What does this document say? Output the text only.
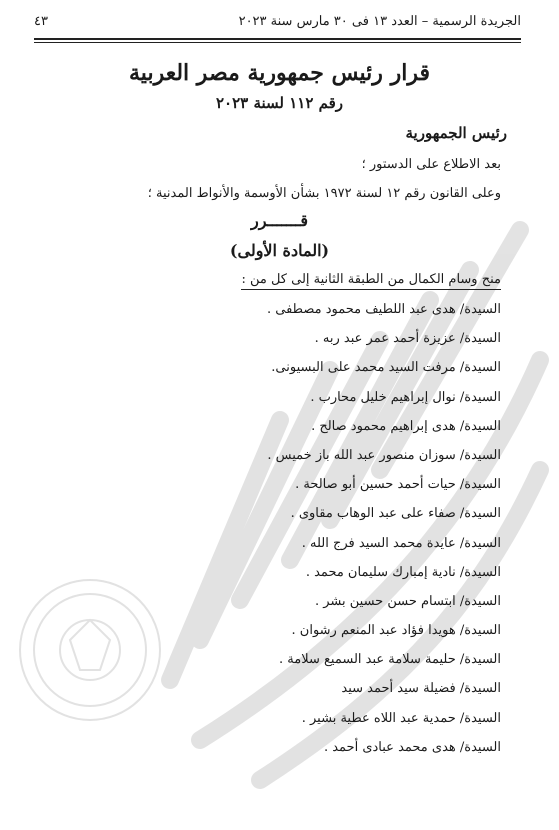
الجريدة الرسمية – العدد ١٣ فى ٣٠ مارس سنة ٢٠٢٣
٤٣
قرار رئيس جمهورية مصر العربية
رقم ١١٢ لسنة ٢٠٢٣
رئيس الجمهورية
بعد الاطلاع على الدستور ؛
وعلى القانون رقم ١٢ لسنة ١٩٧٢ بشأن الأوسمة والأنواط المدنية ؛
قـــــــرر
(المادة الأولى)
منح وسام الكمال من الطبقة الثانية إلى كل من :
السيدة/ هدى عبد اللطيف محمود مصطفى .
السيدة/ عزيزة أحمد عمر عبد ربه .
السيدة/ مرفت السيد محمد على البسيونى.
السيدة/ نوال إبراهيم خليل محارب .
السيدة/ هدى إبراهيم محمود صالح .
السيدة/ سوزان منصور عبد الله باز خميس .
السيدة/ حيات أحمد حسين أبو صالحة .
السيدة/ صفاء على عبد الوهاب مقاوى .
السيدة/ عايدة محمد السيد فرج الله .
السيدة/ نادية إمبارك سليمان محمد .
السيدة/ ابتسام حسن حسين بشر .
السيدة/ هويدا فؤاد عبد المنعم رشوان .
السيدة/ حليمة سلامة عبد السميع سلامة .
السيدة/ فضيلة سيد أحمد سيد
السيدة/ حمدية عبد اللاه عطية بشير .
السيدة/ هدى محمد عبادى أحمد .
